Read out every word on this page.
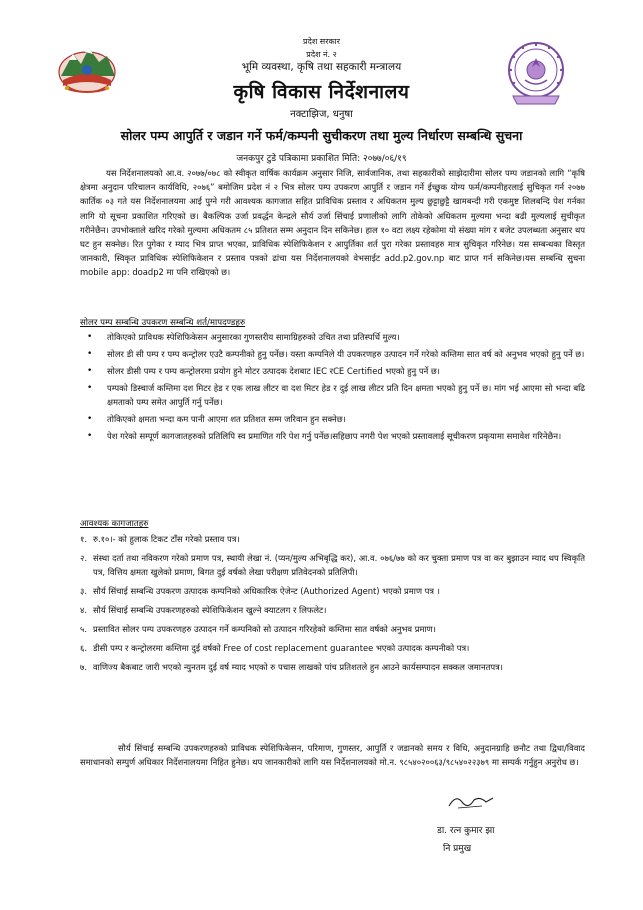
प्रदेश सरकार
प्रदेश नं. २
भूमि व्यवस्था, कृषि तथा सहकारी मन्त्रालय
कृषि विकास निर्देशनालय
नक्टाझिज, धनुषा
सोलर पम्प आपुर्ति र जडान गर्ने फर्म/कम्पनी सुचीकरण तथा मुल्य निर्धारण सम्बन्धि सुचना
जनकपुर टुडे पत्रिकामा प्रकाशित मिति: २०७७/०६/१९

यस निर्देशनालयको आ.व. २०७७/०७८ को स्वीकृत वार्षिक कार्यक्रम अनुसार निजि, सार्वजानिक, तथा सहकारीको साझेदारीमा सोलर पम्प जडानको लागि “कृषि क्षेत्रमा अनुदान परिचालन कार्यविधि, २०७६” बमोजिम प्रदेश नं २ भित्र सोलर पम्प उपकरण आपुर्ति र जडान गर्ने ईच्छुक योग्य फर्म/कम्पनीहरलाई सुचिकृत गर्न २०७७ कार्तिक ०३ गते यस निर्देशनालयमा आई पुग्ने गरी आवश्यक कागजात सहित प्राविधिक प्रस्ताव र अधिकतम मुल्य छुट्टाछुट्टै खामबन्दी गरी एकमुष्ट शिलबन्दि पेश गर्नका लागि यो सूचना प्रकाशित गरिएको छ। बैकल्पिक उर्जा प्रवर्द्धन केन्द्रले सौर्य उर्जा सिंचाई प्रणालीको लागि तोकेको अधिकतम मुल्यमा भन्दा बढी मुल्यलाई सुचीकृत गरीनेछैन। उपभोक्ताले खरिद गरेको मुल्यमा अधिकतम ८५ प्रतिशत सम्म अनुदान दिन सकिनेछ। हाल १० वटा लक्ष्य रहेकोमा यो संख्या मांग र बजेट उपलब्धता अनुसार थप घट हुन सक्नेछ। रित पुगेका र म्याद भित्र प्राप्त भएका, प्राविधिक स्पेशिफिकेशन र आपुर्तिका शर्त पुरा गरेका प्रस्तावहरु मात्र सुचिकृत गरिनेछ। यस सम्बन्धका विस्तृत जानकारी, स्विकृत प्राविधिक स्पेशिफिकेशन र प्रस्ताव पत्रको ढांचा यस निर्देशनालयको वेभसाईट add.p2.gov.np बाट प्राप्त गर्न सकिनेछ।यस सम्बन्धि सुचना mobile app: doadp2 मा पनि राखिएको छ।

सोलर पम्प सम्बन्धि उपकरण सम्बन्धि शर्त/मापदण्डहरु
• तोकिएको प्राविधक स्पेशिफिकेसन अनुसारका गुणस्तरीय सामाग्रिहरुको उचित तथा प्रतिस्पर्धि मुल्य।
• सोलर डी सी पम्प र पम्प कन्ट्रोलर एउटै कम्पनीको हुनु पर्नेछ। यस्ता कम्पनिले यी उपकरणहरु उत्पादन गर्ने गरेको कम्तिमा सात वर्ष को अनुभव भएको हुनु पर्ने छ।
• सोलर डीसी पम्प र पम्प कन्ट्रोलरमा प्रयोग हुने मोटर उत्पादक देशबाट IEC रCE Certified भएको हुनु पर्ने छ।
• पम्पको डिस्चार्ज कम्तिमा दश मिटर हेड र एक लाख लीटर वा दश मिटर हेड र दुई लाख लीटर प्रति दिन क्षमता भएको हुनु पर्ने छ। मांग भई आएमा सो भन्दा बढि क्षमताको पम्प समेत आपुर्ति गर्नु पर्नेछ।
• तोकिएको क्षमता भन्दा कम पानी आएमा शत प्रतिशत सम्म जरिवान हुन सक्नेछ।
• पेश गरेको सम्पूर्ण कागजातहरुको प्रतिलिपि स्व प्रमाणित गरि पेश गर्नु पर्नेछ।सहिछाप नगरी पेश भएको प्रस्तावलाई सूचीकरण प्रकृयामा समावेश गरिनेछैन।
आवश्यक कागजातहरु
१. रु.१०।- को हुलाक टिकट टाँस गरेको प्रस्ताव पत्र।
२. संस्था दर्ता तथा नविकरण गरेको प्रमाण पत्र, स्थायी लेखा नं. (प्यन/मुल्य अभिबृद्धि कर), आ.व. ०७६/७७ को कर चुक्ता प्रमाण पत्र वा कर बुझाउन म्याद थप स्विकृति पत्र, वित्तिय क्षमता खुलेको प्रमाण, बिगत दुई वर्षको लेखा परीक्षण प्रतिवेदनको प्रतिलिपी।
३. सौर्य सिंचाई सम्बन्धि उपकरण उत्पादक कम्पनिको अधिकारिक ऐजेन्ट (Authorized Agent) भएको प्रमाण पत्र ।
४. सौर्य सिंचाई सम्बन्धि उपकरणहरुको स्पेशिफिकेशन खुल्ने क्याटलग र लिफलेट।
५. प्रस्तावित सोलर पम्प उपकरणहरु उत्पादन गर्ने कम्पनिको सो उत्पादन गरिरहेको कम्तिमा सात वर्षको अनुभव प्रमाण।
६. डीसी पम्प र कन्ट्रोलरमा कम्तिमा दुई वर्षको Free of cost replacement guarantee भएको उत्पादक कम्पनीको पत्र।
७. वाणिज्य बैकबाट जारी भएको न्युनतम दुई वर्ष म्याद भएको रु पचास लाखको पांच प्रतिशतले हुन आउने कार्यसम्पादन सक्कल जमानतपत्र।

सौर्य सिंचाई सम्बन्धि उपकरणहरुको प्राविधक स्पेशिफिकेसन, परिमाण, गुणस्तर, आपुर्ति र जडानको समय र विधि, अनुदानग्राहि छनौट तथा द्विधा/विवाद समाधानको सम्पुर्ण अधिकार निर्देशनालयमा निहित हुनेछ। थप जानकारीको लागि यस निर्देशनालयको मो.न. ९८५४०२००६३/९८५४०२२३७९ मा सम्पर्क गर्नुहुन अनुरोध छ।

डा. रत्न कुमार झा
नि प्रमुख
